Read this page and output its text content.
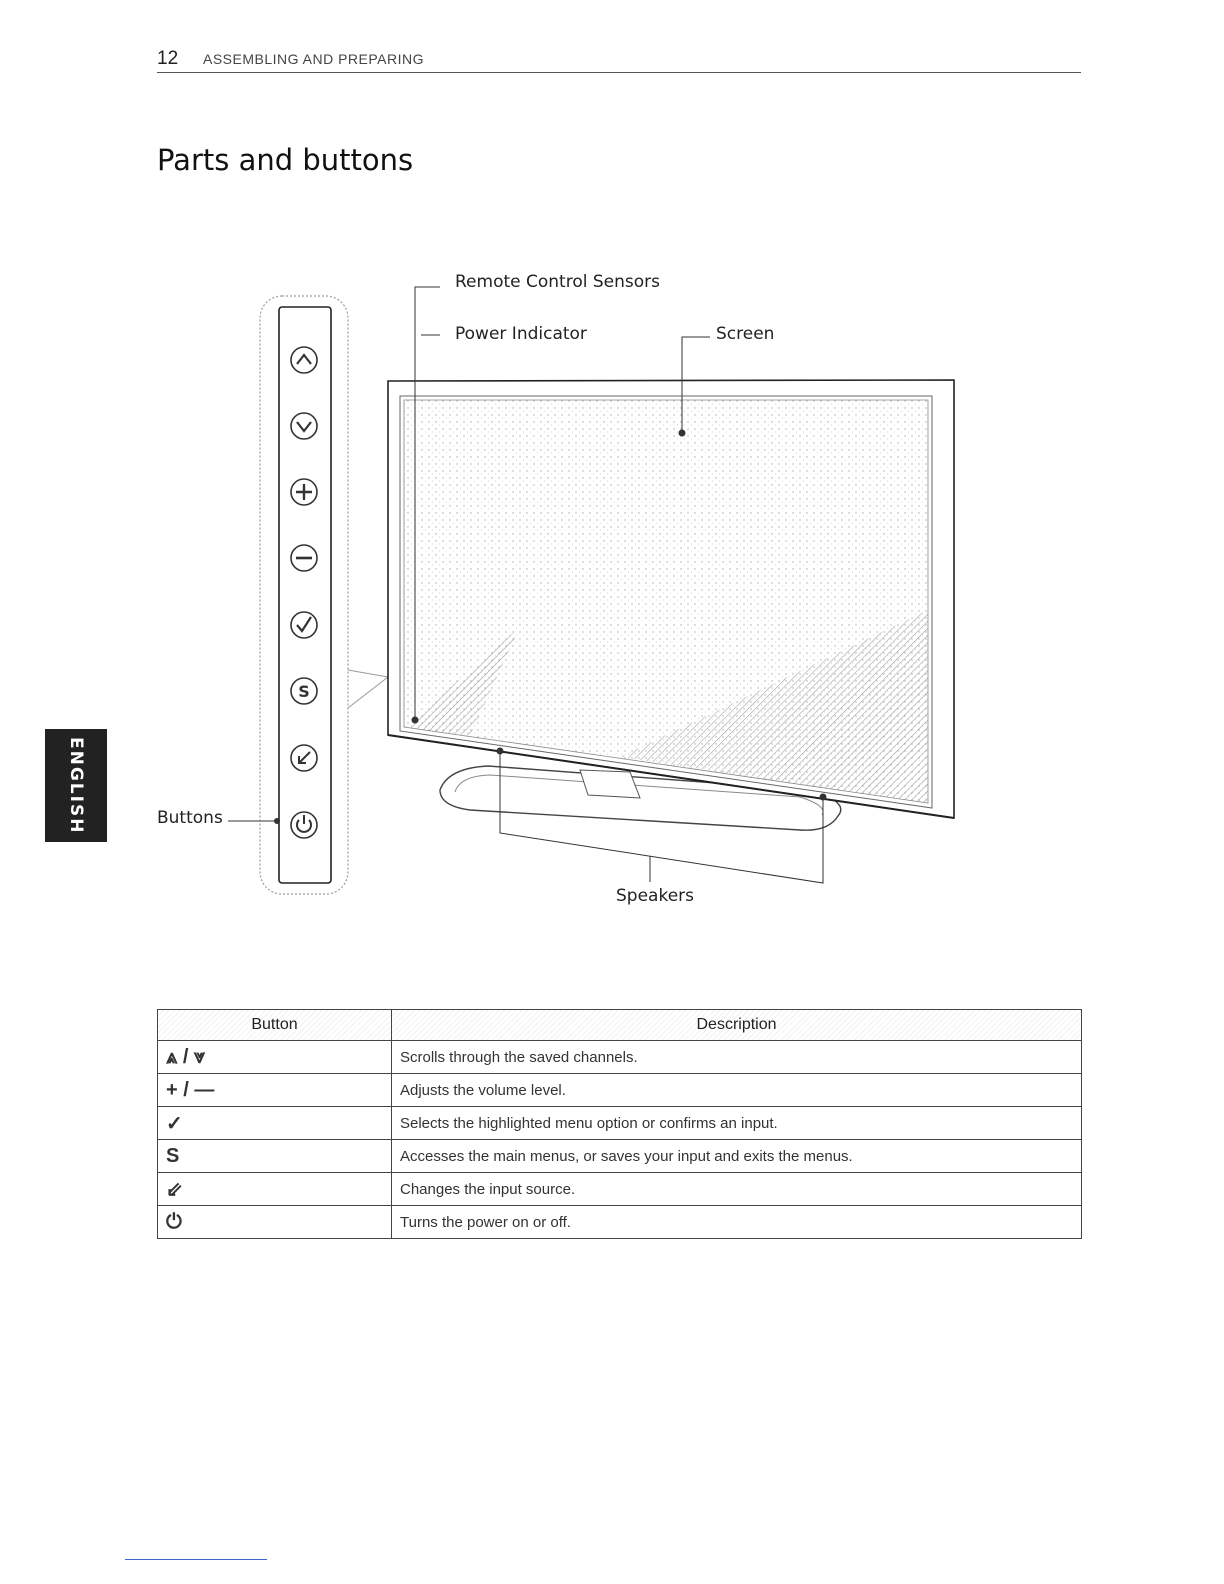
12 ASSEMBLING AND PREPARING
Parts and buttons
ENGLISH
S
Remote Control Sensors
Power Indicator	Screen
Buttons
Speakers
Button	Description
⩓ / ⩔	Scrolls through the saved channels.
+ / —	Adjusts the volume level.
✓	Selects the highlighted menu option or confirms an input.
S	Accesses the main menus, or saves your input and exits the menus.
⇙	Changes the input source.
⏻	Turns the power on or off.
